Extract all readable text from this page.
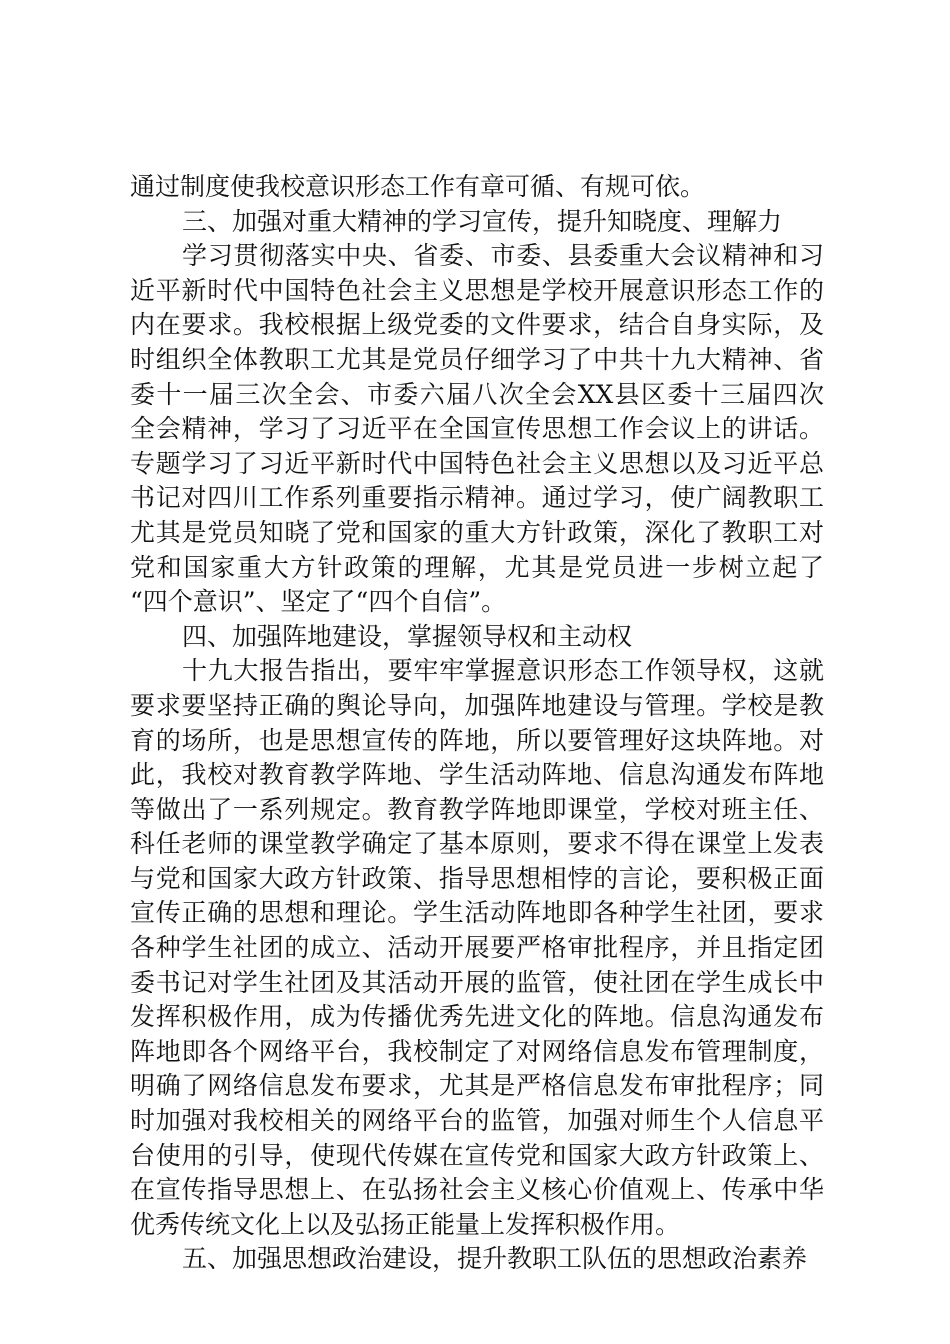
通过制度使我校意识形态工作有章可循、有规可依。
三、加强对重大精神的学习宣传，提升知晓度、理解力
学习贯彻落实中央、省委、市委、县委重大会议精神和习
近平新时代中国特色社会主义思想是学校开展意识形态工作的
内在要求。我校根据上级党委的文件要求，结合自身实际，及
时组织全体教职工尤其是党员仔细学习了中共十九大精神、省
委十一届三次全会、市委六届八次全会XX县区委十三届四次
全会精神，学习了习近平在全国宣传思想工作会议上的讲话。
专题学习了习近平新时代中国特色社会主义思想以及习近平总
书记对四川工作系列重要指示精神。通过学习，使广阔教职工
尤其是党员知晓了党和国家的重大方针政策，深化了教职工对
党和国家重大方针政策的理解，尤其是党员进一步树立起了
“四个意识”、坚定了“四个自信”。
四、加强阵地建设，掌握领导权和主动权
十九大报告指出，要牢牢掌握意识形态工作领导权，这就
要求要坚持正确的舆论导向，加强阵地建设与管理。学校是教
育的场所，也是思想宣传的阵地，所以要管理好这块阵地。对
此，我校对教育教学阵地、学生活动阵地、信息沟通发布阵地
等做出了一系列规定。教育教学阵地即课堂，学校对班主任、
科任老师的课堂教学确定了基本原则，要求不得在课堂上发表
与党和国家大政方针政策、指导思想相悖的言论，要积极正面
宣传正确的思想和理论。学生活动阵地即各种学生社团，要求
各种学生社团的成立、活动开展要严格审批程序，并且指定团
委书记对学生社团及其活动开展的监管，使社团在学生成长中
发挥积极作用，成为传播优秀先进文化的阵地。信息沟通发布
阵地即各个网络平台，我校制定了对网络信息发布管理制度，
明确了网络信息发布要求，尤其是严格信息发布审批程序；同
时加强对我校相关的网络平台的监管，加强对师生个人信息平
台使用的引导，使现代传媒在宣传党和国家大政方针政策上、
在宣传指导思想上、在弘扬社会主义核心价值观上、传承中华
优秀传统文化上以及弘扬正能量上发挥积极作用。
五、加强思想政治建设，提升教职工队伍的思想政治素养
